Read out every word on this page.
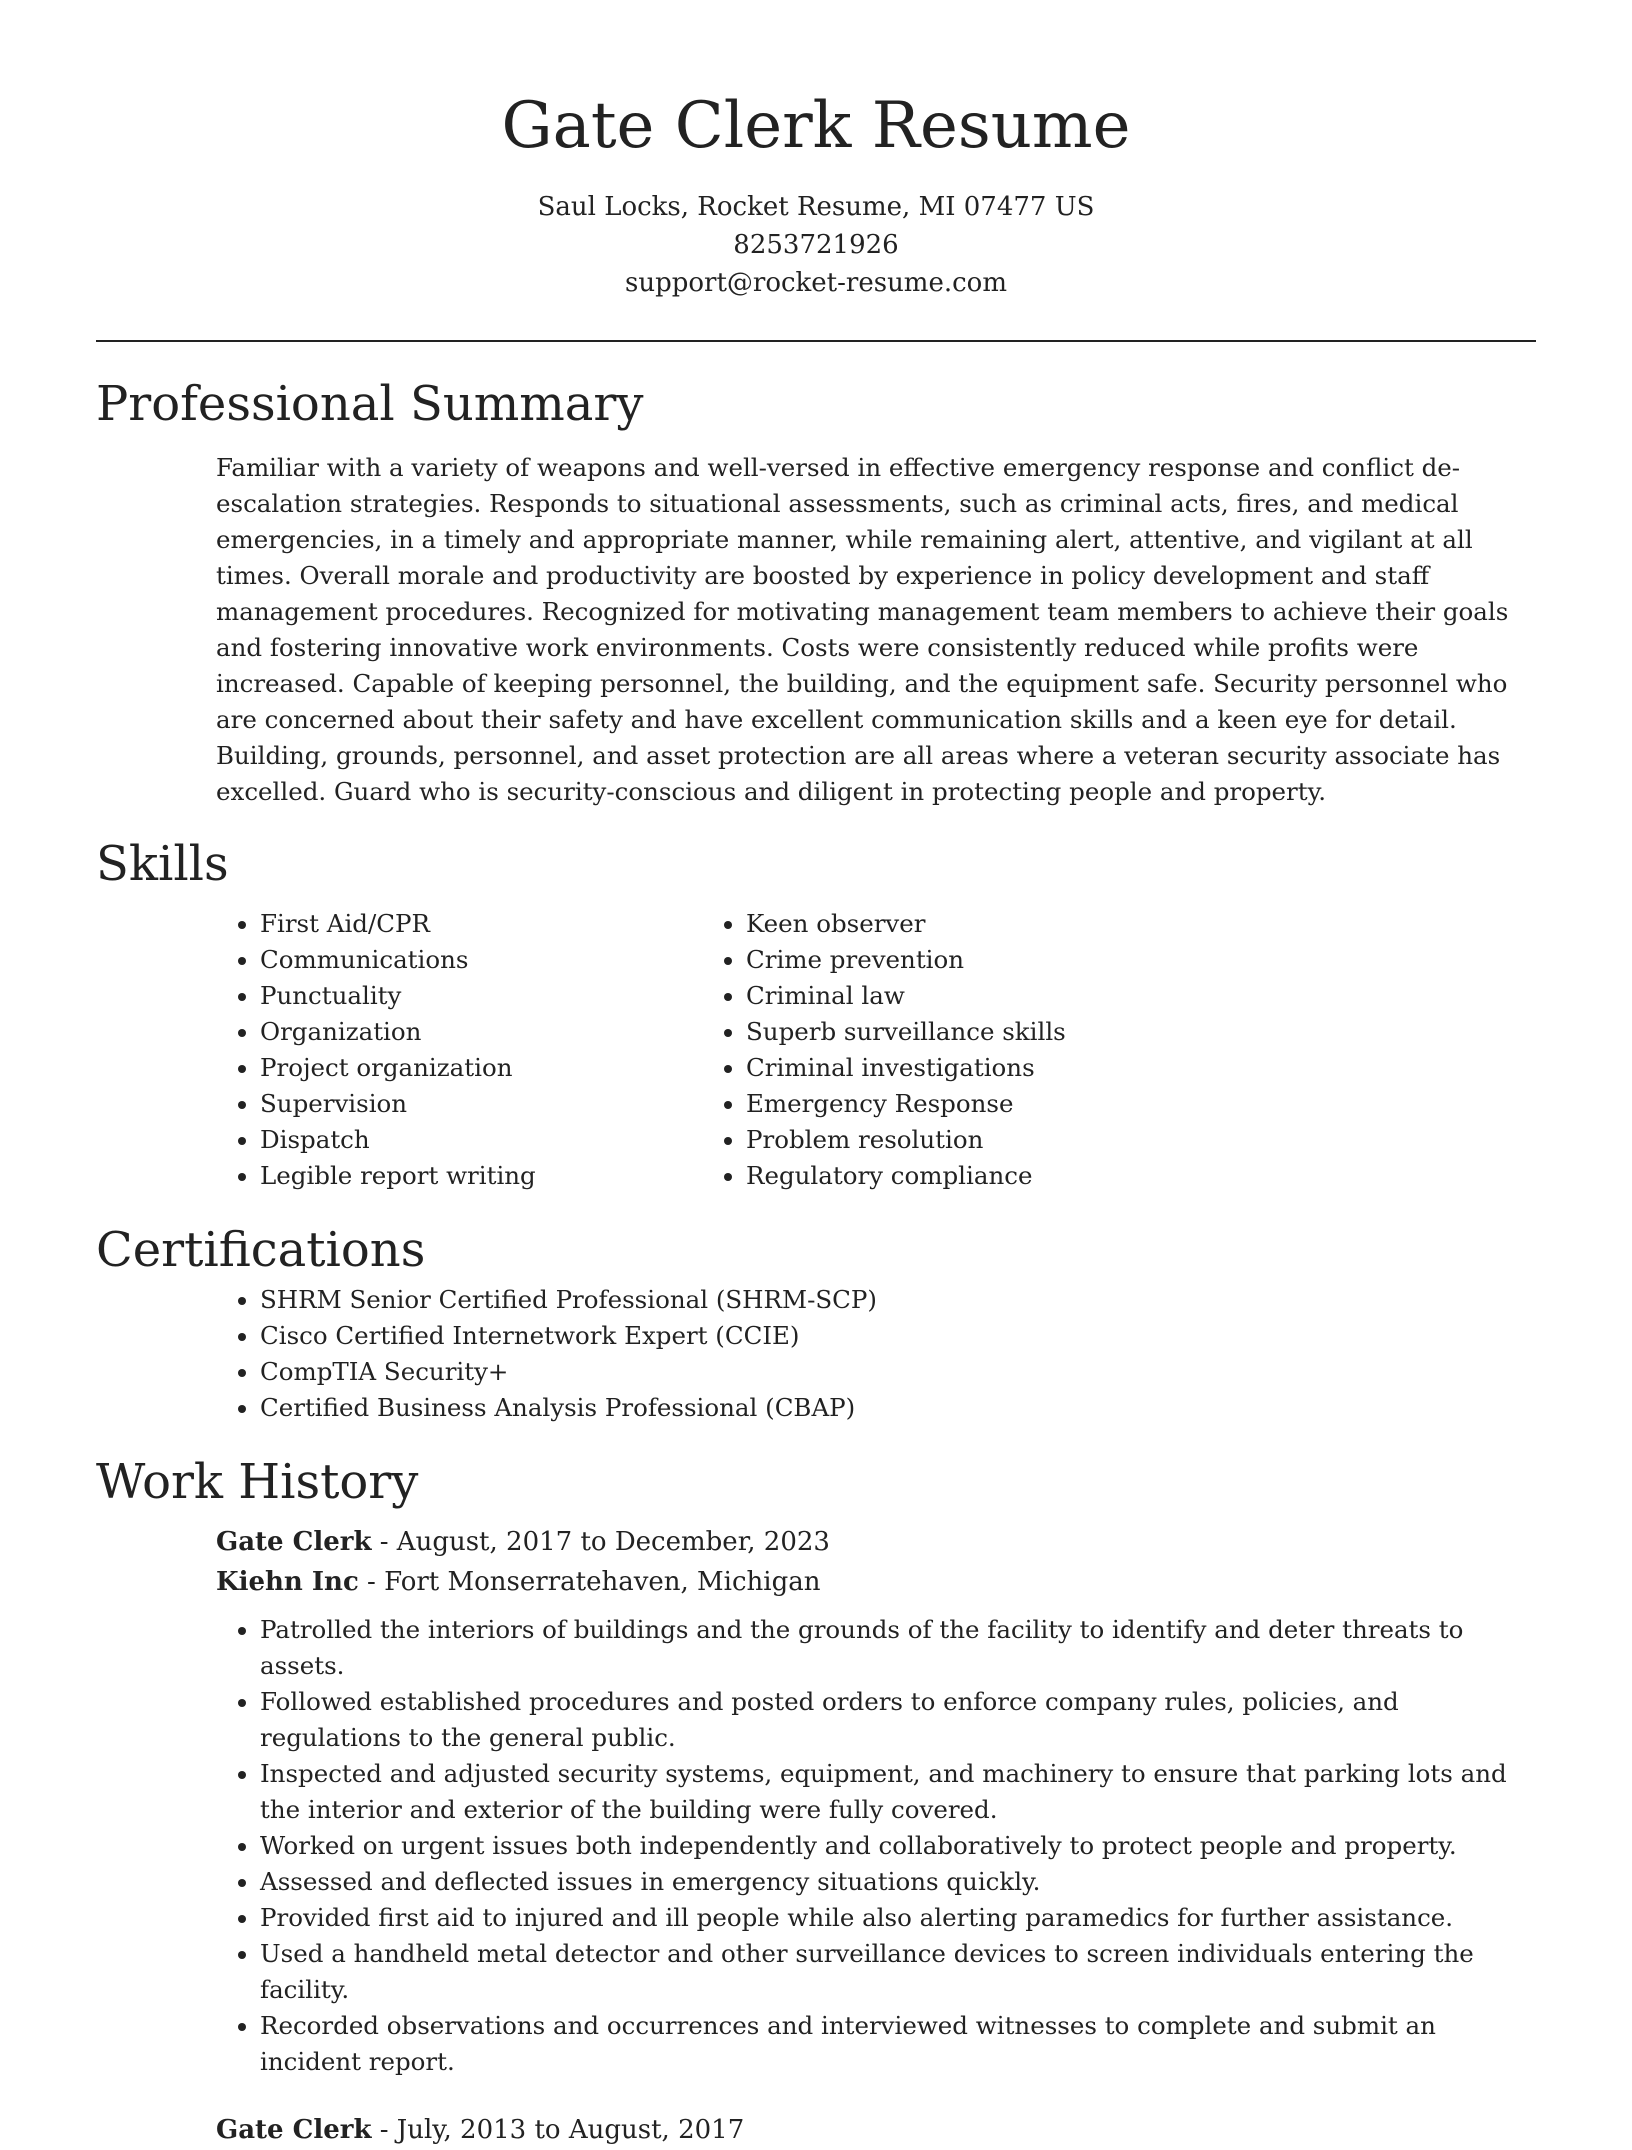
Gate Clerk Resume

Saul Locks, Rocket Resume, MI 07477 US

8253721926

support@rocket-resume.com

Professional Summary

Familiar with a variety of weapons and well-versed in effective emergency response and conflict de-escalation strategies. Responds to situational assessments, such as criminal acts, fires, and medical emergencies, in a timely and appropriate manner, while remaining alert, attentive, and vigilant at all times. Overall morale and productivity are boosted by experience in policy development and staff management procedures. Recognized for motivating management team members to achieve their goals and fostering innovative work environments. Costs were consistently reduced while profits were increased. Capable of keeping personnel, the building, and the equipment safe. Security personnel who are concerned about their safety and have excellent communication skills and a keen eye for detail. Building, grounds, personnel, and asset protection are all areas where a veteran security associate has excelled. Guard who is security-conscious and diligent in protecting people and property.

Skills
• First Aid/CPR
• Communications
• Punctuality
• Organization
• Project organization
• Supervision
• Dispatch
• Legible report writing
• Keen observer
• Crime prevention
• Criminal law
• Superb surveillance skills
• Criminal investigations
• Emergency Response
• Problem resolution
• Regulatory compliance
Certifications
• SHRM Senior Certified Professional (SHRM-SCP)
• Cisco Certified Internetwork Expert (CCIE)
• CompTIA Security+
• Certified Business Analysis Professional (CBAP)
Work History

Gate Clerk - August, 2017 to December, 2023

Kiehn Inc - Fort Monserratehaven, Michigan

• Patrolled the interiors of buildings and the grounds of the facility to identify and deter threats to assets.
• Followed established procedures and posted orders to enforce company rules, policies, and regulations to the general public.
• Inspected and adjusted security systems, equipment, and machinery to ensure that parking lots and the interior and exterior of the building were fully covered.
• Worked on urgent issues both independently and collaboratively to protect people and property.
• Assessed and deflected issues in emergency situations quickly.
• Provided first aid to injured and ill people while also alerting paramedics for further assistance.
• Used a handheld metal detector and other surveillance devices to screen individuals entering the facility.
• Recorded observations and occurrences and interviewed witnesses to complete and submit an incident report.

Gate Clerk - July, 2013 to August, 2017
